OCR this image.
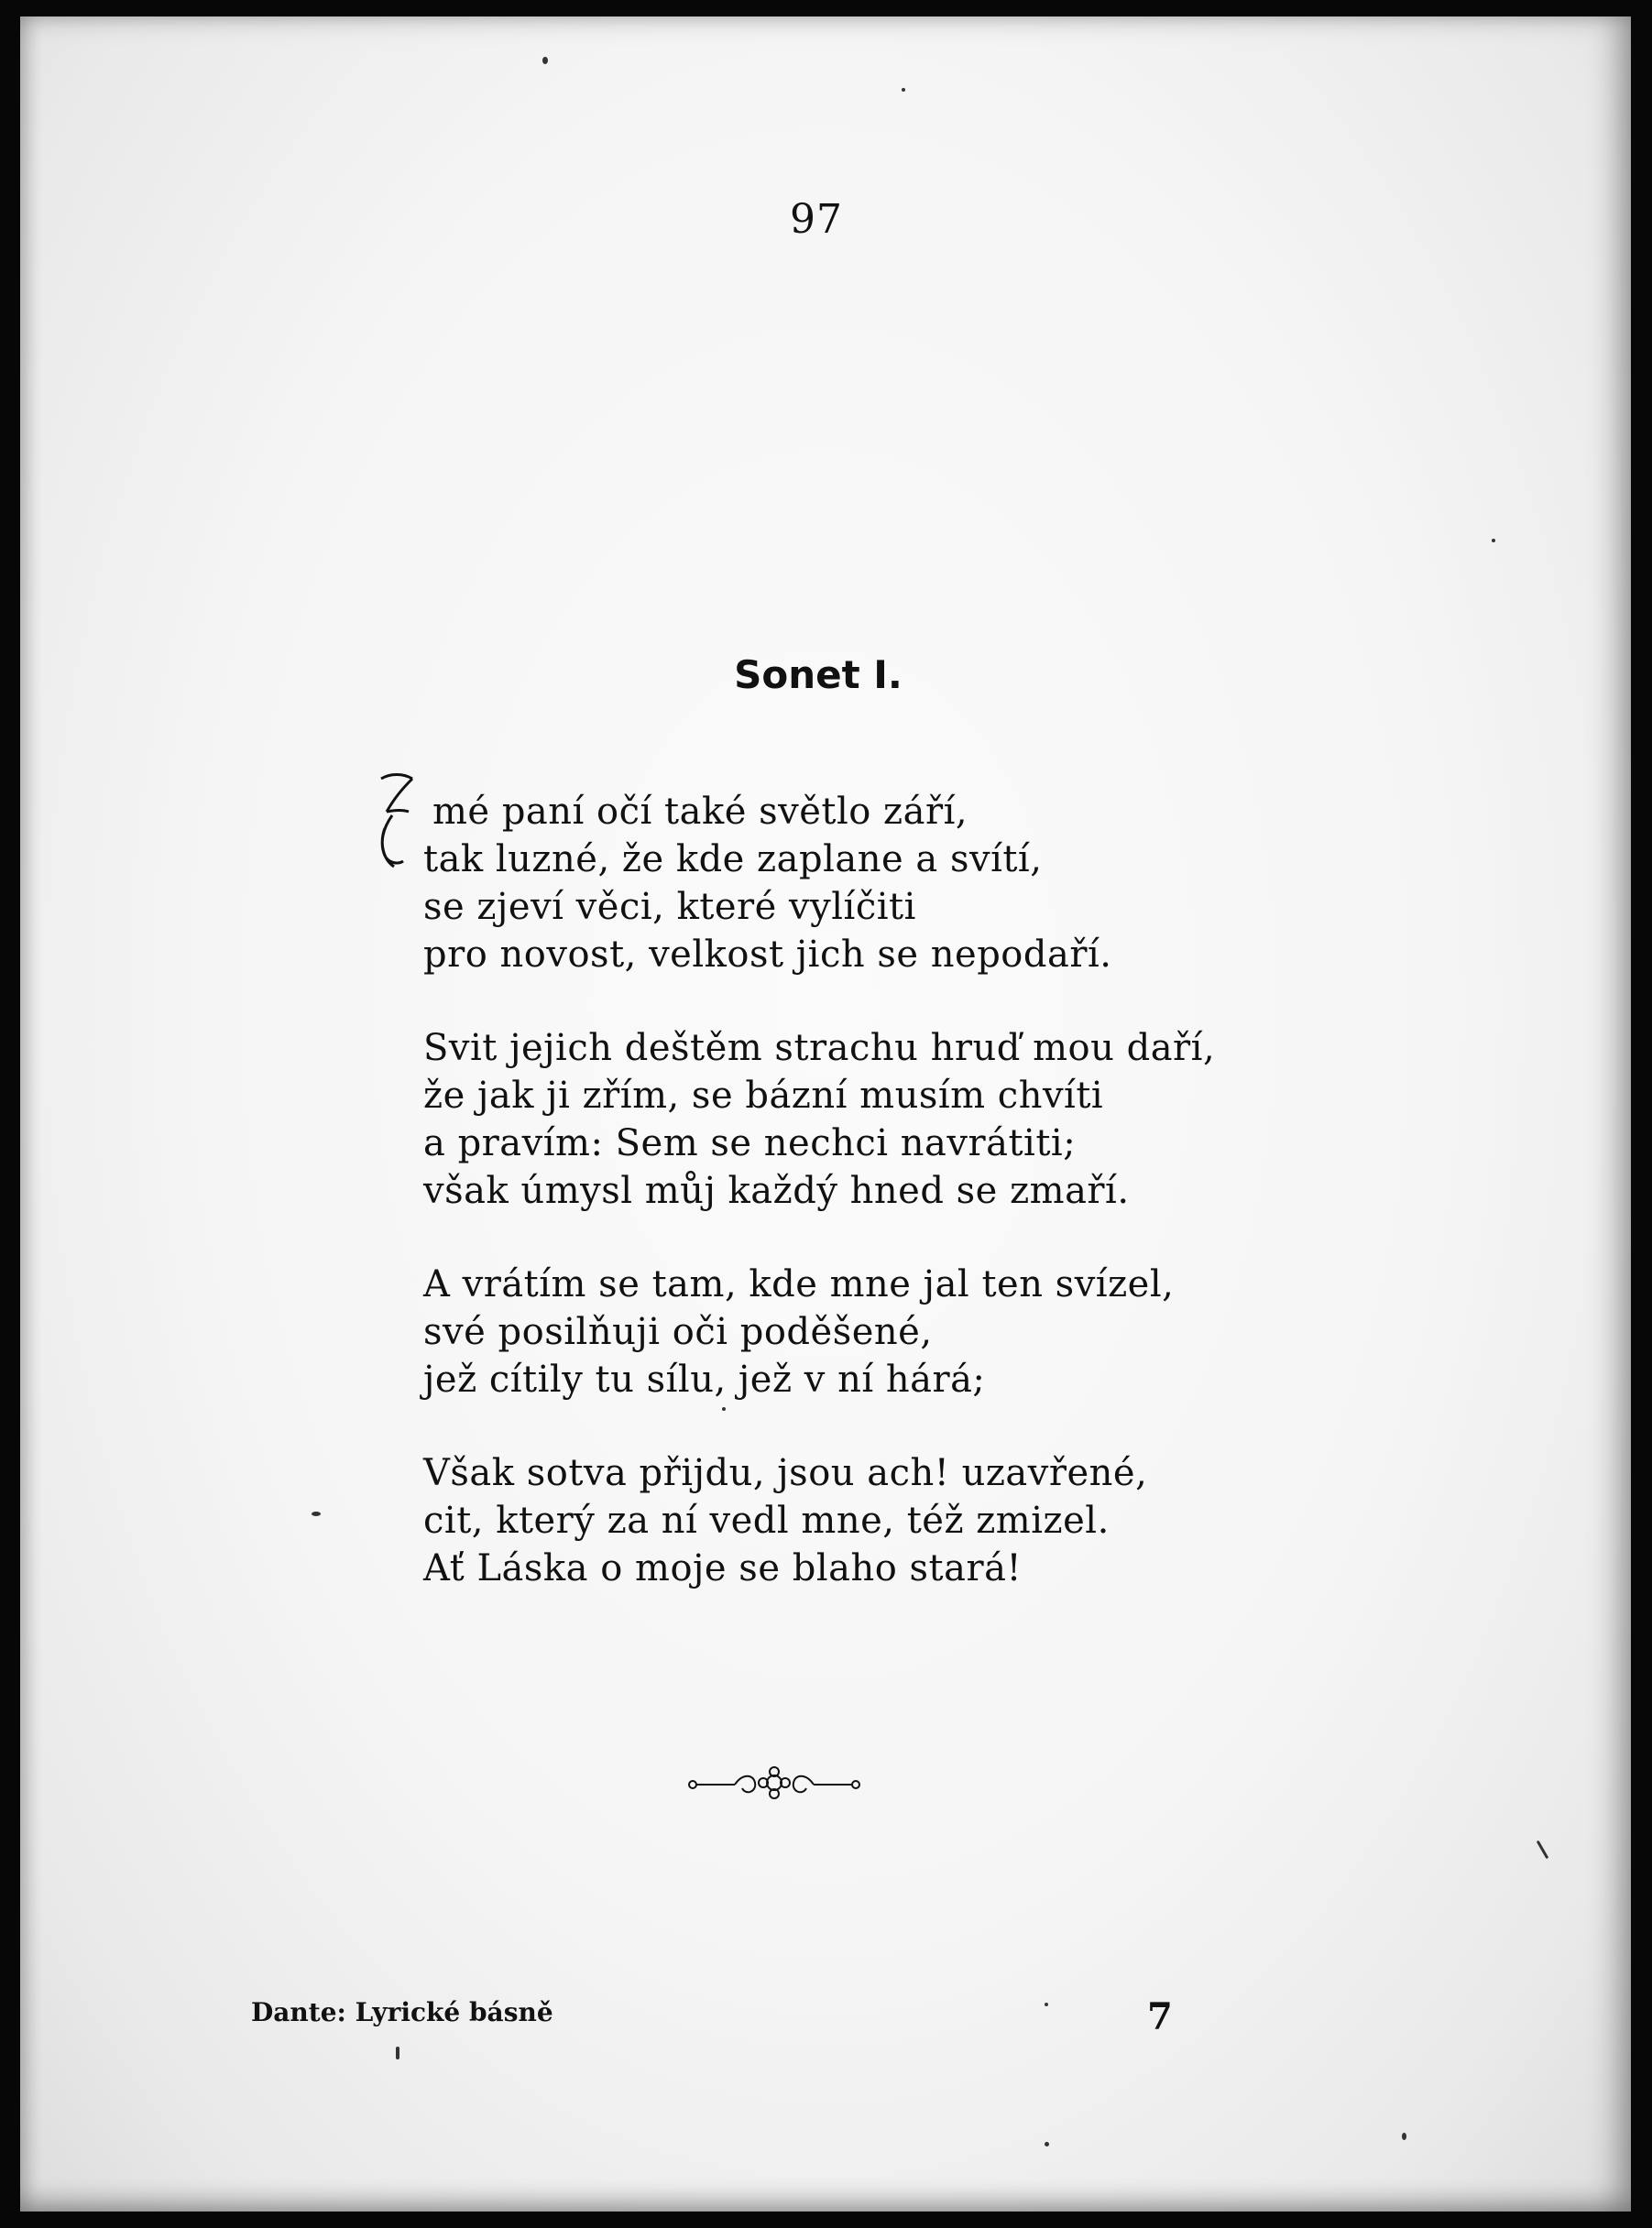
97
Sonet I.
mé paní očí také světlo září,
tak luzné, že kde zaplane a svítí,
se zjeví věci, které vylíčiti
pro novost, velkost jich se nepodaří.
Svit jejich deštěm strachu hruď mou daří,
že jak ji zřím, se bázní musím chvíti
a pravím: Sem se nechci navrátiti;
však úmysl můj každý hned se zmaří.
A vrátím se tam, kde mne jal ten svízel,
své posilňuji oči poděšené,
jež cítily tu sílu, jež v ní hárá;
Však sotva přijdu, jsou ach! uzavřené,
cit, který za ní vedl mne, též zmizel.
Ať Láska o moje se blaho stará!
Dante: Lyrické básně	7
